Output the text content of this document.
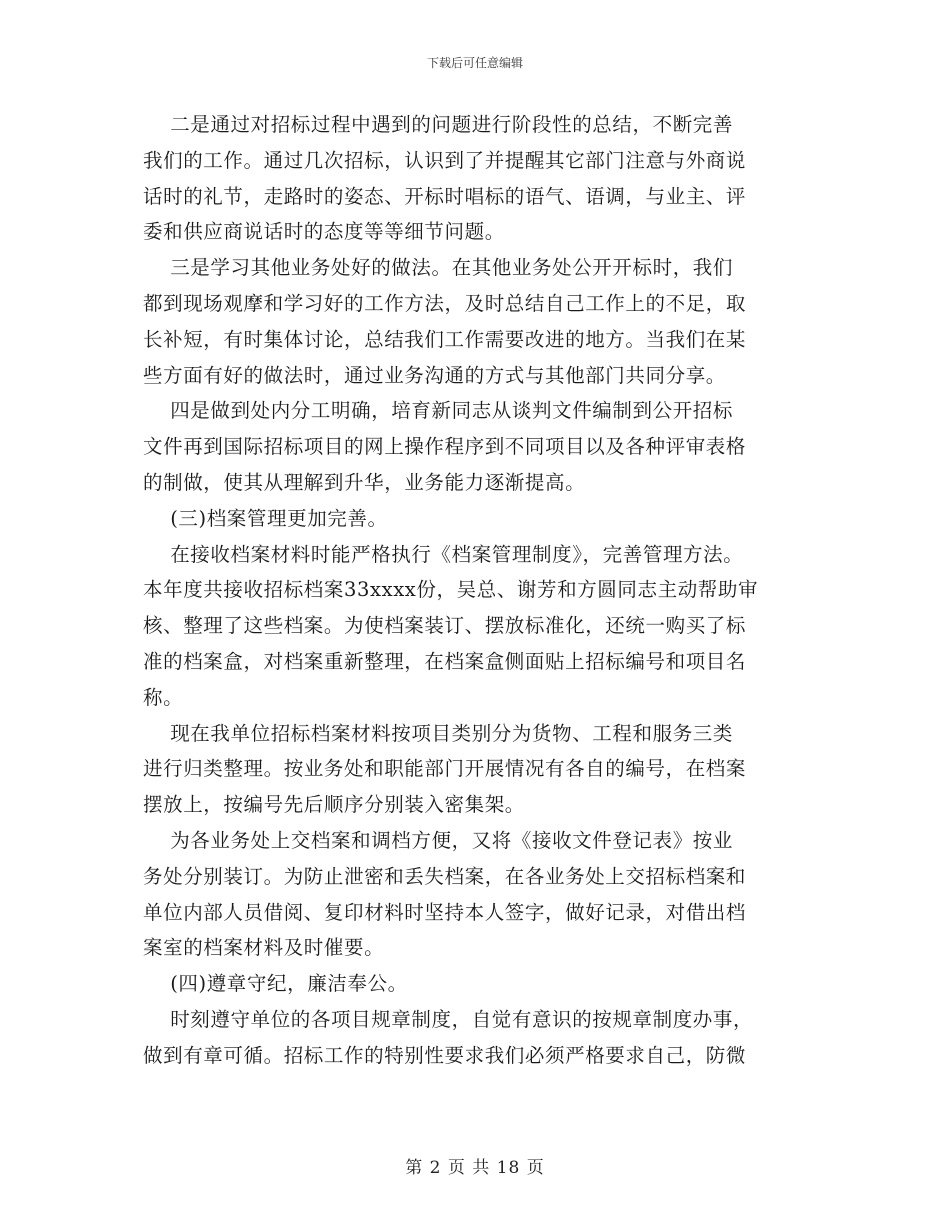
下载后可任意编辑
二是通过对招标过程中遇到的问题进行阶段性的总结，不断完善
我们的工作。通过几次招标，认识到了并提醒其它部门注意与外商说
话时的礼节，走路时的姿态、开标时唱标的语气、语调，与业主、评
委和供应商说话时的态度等等细节问题。
三是学习其他业务处好的做法。在其他业务处公开开标时，我们
都到现场观摩和学习好的工作方法，及时总结自己工作上的不足，取
长补短，有时集体讨论，总结我们工作需要改进的地方。当我们在某
些方面有好的做法时，通过业务沟通的方式与其他部门共同分享。
四是做到处内分工明确，培育新同志从谈判文件编制到公开招标
文件再到国际招标项目的网上操作程序到不同项目以及各种评审表格
的制做，使其从理解到升华，业务能力逐渐提高。
(三)档案管理更加完善。
在接收档案材料时能严格执行《档案管理制度》，完善管理方法。
本年度共接收招标档案33xxxx份，吴总、谢芳和方圆同志主动帮助审
核、整理了这些档案。为使档案装订、摆放标准化，还统一购买了标
准的档案盒，对档案重新整理，在档案盒侧面贴上招标编号和项目名
称。
现在我单位招标档案材料按项目类别分为货物、工程和服务三类
进行归类整理。按业务处和职能部门开展情况有各自的编号，在档案
摆放上，按编号先后顺序分别装入密集架。
为各业务处上交档案和调档方便，又将《接收文件登记表》按业
务处分别装订。为防止泄密和丢失档案，在各业务处上交招标档案和
单位内部人员借阅、复印材料时坚持本人签字，做好记录，对借出档
案室的档案材料及时催要。
(四)遵章守纪，廉洁奉公。
时刻遵守单位的各项目规章制度，自觉有意识的按规章制度办事，
做到有章可循。招标工作的特别性要求我们必须严格要求自己，防微
第 2 页 共 18 页
